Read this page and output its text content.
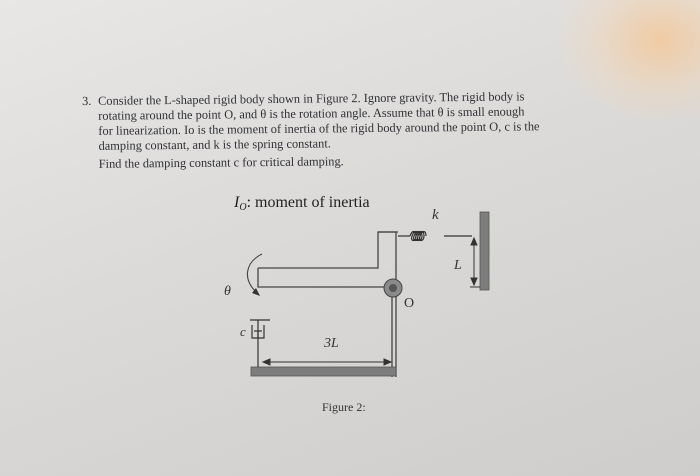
3. Consider the L-shaped rigid body shown in Figure 2. Ignore gravity. The rigid body is

rotating around the point O, and θ is the rotation angle. Assume that θ is small enough

for linearization. Io is the moment of inertia of the rigid body around the point O, c is the

damping constant, and k is the spring constant.

Find the damping constant c for critical damping.

$I_O$: moment of inertia
k
L
O
θ
c
3L
Figure 2:
